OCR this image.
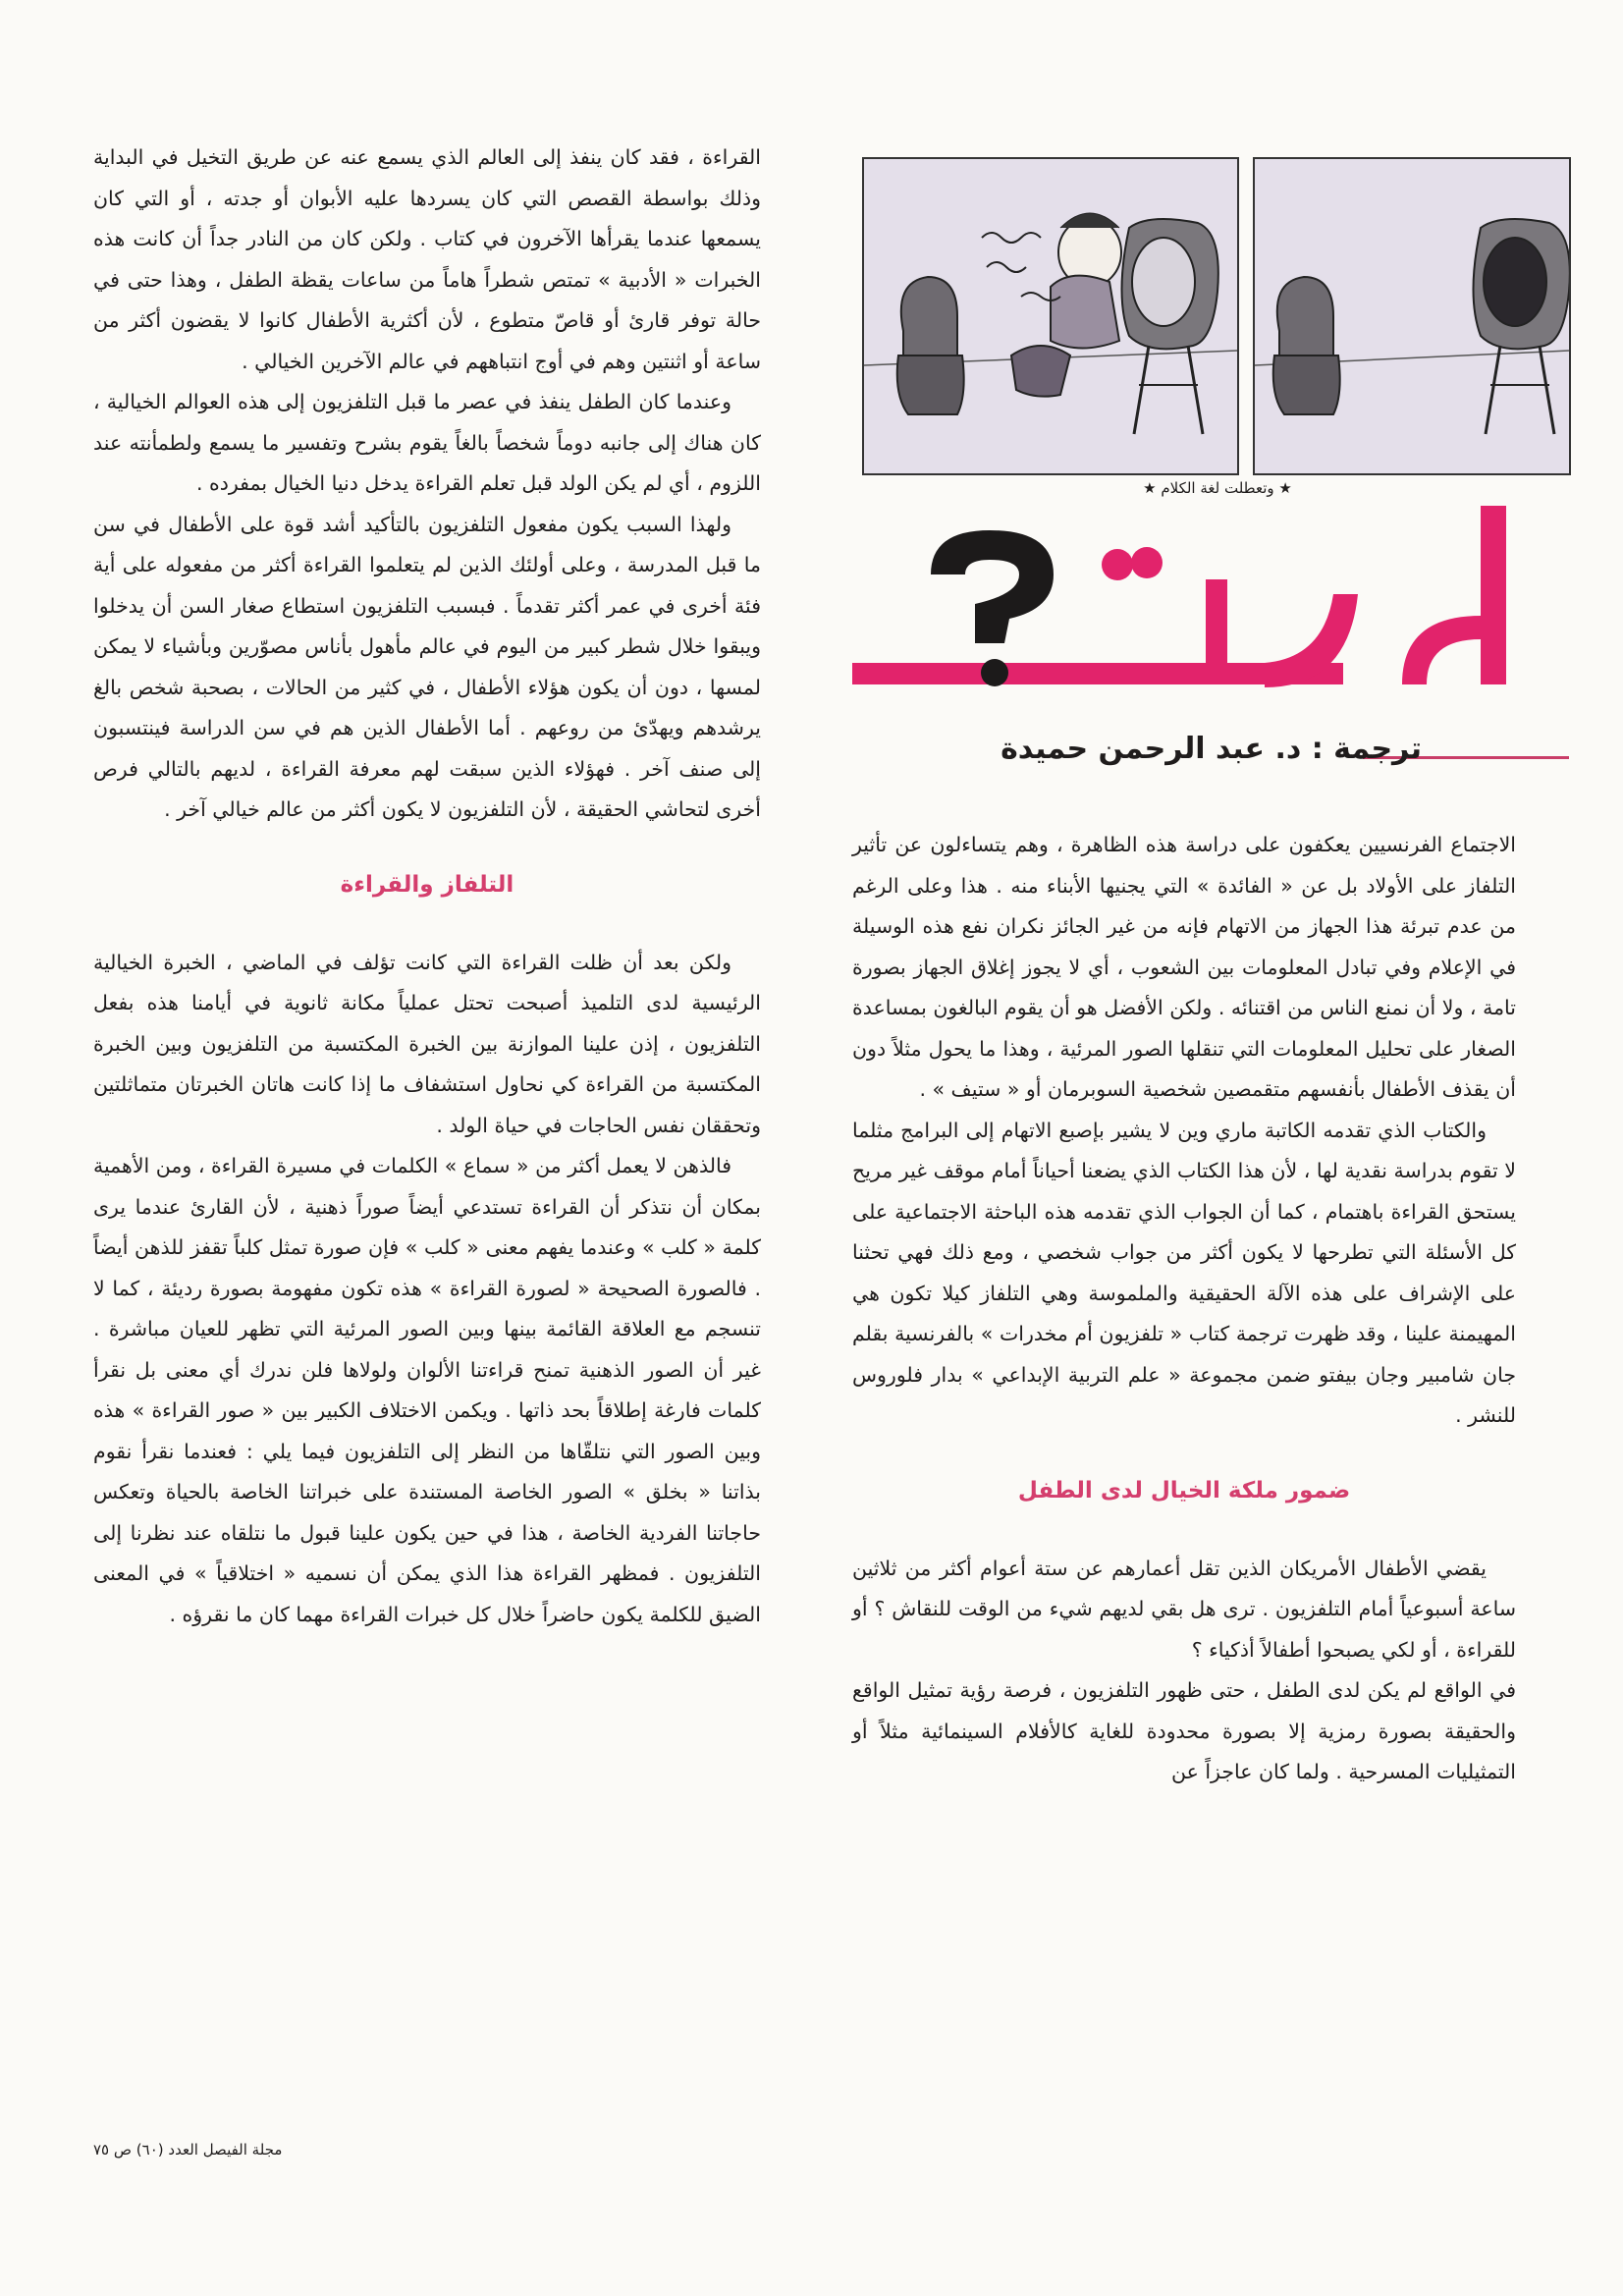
★ وتعطلت لغة الكلام ★
ترجمة : د. عبد الرحمن حميدة

الاجتماع الفرنسيين يعكفون على دراسة هذه الظاهرة ، وهم يتساءلون عن تأثير التلفاز على الأولاد بل عن « الفائدة » التي يجنيها الأبناء منه . هذا وعلى الرغم من عدم تبرئة هذا الجهاز من الاتهام فإنه من غير الجائز نكران نفع هذه الوسيلة في الإعلام وفي تبادل المعلومات بين الشعوب ، أي لا يجوز إغلاق الجهاز بصورة تامة ، ولا أن نمنع الناس من اقتنائه . ولكن الأفضل هو أن يقوم البالغون بمساعدة الصغار على تحليل المعلومات التي تنقلها الصور المرئية ، وهذا ما يحول مثلاً دون أن يقذف الأطفال بأنفسهم متقمصين شخصية السوبرمان أو « ستيف » .

والكتاب الذي تقدمه الكاتبة ماري وين لا يشير بإصبع الاتهام إلى البرامج مثلما لا تقوم بدراسة نقدية لها ، لأن هذا الكتاب الذي يضعنا أحياناً أمام موقف غير مريح يستحق القراءة باهتمام ، كما أن الجواب الذي تقدمه هذه الباحثة الاجتماعية على كل الأسئلة التي تطرحها لا يكون أكثر من جواب شخصي ، ومع ذلك فهي تحثنا على الإشراف على هذه الآلة الحقيقية والملموسة وهي التلفاز كيلا تكون هي المهيمنة علينا ، وقد ظهرت ترجمة كتاب « تلفزيون أم مخدرات » بالفرنسية بقلم جان شامبير وجان بيفتو ضمن مجموعة « علم التربية الإبداعي » بدار فلوروس للنشر .

ضمور ملكة الخيال لدى الطفل

يقضي الأطفال الأمريكان الذين تقل أعمارهم عن ستة أعوام أكثر من ثلاثين ساعة أسبوعياً أمام التلفزيون . ترى هل بقي لديهم شيء من الوقت للنقاش ؟ أو للقراءة ، أو لكي يصبحوا أطفالاً أذكياء ؟

في الواقع لم يكن لدى الطفل ، حتى ظهور التلفزيون ، فرصة رؤية تمثيل الواقع والحقيقة بصورة رمزية إلا بصورة محدودة للغاية كالأفلام السينمائية مثلاً أو التمثيليات المسرحية . ولما كان عاجزاً عن

القراءة ، فقد كان ينفذ إلى العالم الذي يسمع عنه عن طريق التخيل في البداية وذلك بواسطة القصص التي كان يسردها عليه الأبوان أو جدته ، أو التي كان يسمعها عندما يقرأها الآخرون في كتاب . ولكن كان من النادر جداً أن كانت هذه الخبرات « الأدبية » تمتص شطراً هاماً من ساعات يقظة الطفل ، وهذا حتى في حالة توفر قارئ أو قاصّ متطوع ، لأن أكثرية الأطفال كانوا لا يقضون أكثر من ساعة أو اثنتين وهم في أوج انتباههم في عالم الآخرين الخيالي .

وعندما كان الطفل ينفذ في عصر ما قبل التلفزيون إلى هذه العوالم الخيالية ، كان هناك إلى جانبه دوماً شخصاً بالغاً يقوم بشرح وتفسير ما يسمع ولطمأنته عند اللزوم ، أي لم يكن الولد قبل تعلم القراءة يدخل دنيا الخيال بمفرده .

ولهذا السبب يكون مفعول التلفزيون بالتأكيد أشد قوة على الأطفال في سن ما قبل المدرسة ، وعلى أولئك الذين لم يتعلموا القراءة أكثر من مفعوله على أية فئة أخرى في عمر أكثر تقدماً . فبسبب التلفزيون استطاع صغار السن أن يدخلوا ويبقوا خلال شطر كبير من اليوم في عالم مأهول بأناس مصوّرين وبأشياء لا يمكن لمسها ، دون أن يكون هؤلاء الأطفال ، في كثير من الحالات ، بصحبة شخص بالغ يرشدهم ويهدّئ من روعهم . أما الأطفال الذين هم في سن الدراسة فينتسبون إلى صنف آخر . فهؤلاء الذين سبقت لهم معرفة القراءة ، لديهم بالتالي فرص أخرى لتحاشي الحقيقة ، لأن التلفزيون لا يكون أكثر من عالم خيالي آخر .

التلفاز والقراءة

ولكن بعد أن ظلت القراءة التي كانت تؤلف في الماضي ، الخبرة الخيالية الرئيسية لدى التلميذ أصبحت تحتل عملياً مكانة ثانوية في أيامنا هذه بفعل التلفزيون ، إذن علينا الموازنة بين الخبرة المكتسبة من التلفزيون وبين الخبرة المكتسبة من القراءة كي نحاول استشفاف ما إذا كانت هاتان الخبرتان متماثلتين وتحققان نفس الحاجات في حياة الولد .

فالذهن لا يعمل أكثر من « سماع » الكلمات في مسيرة القراءة ، ومن الأهمية بمكان أن نتذكر أن القراءة تستدعي أيضاً صوراً ذهنية ، لأن القارئ عندما يرى كلمة « كلب » وعندما يفهم معنى « كلب » فإن صورة تمثل كلباً تقفز للذهن أيضاً . فالصورة الصحيحة « لصورة القراءة » هذه تكون مفهومة بصورة رديئة ، كما لا تنسجم مع العلاقة القائمة بينها وبين الصور المرئية التي تظهر للعيان مباشرة . غير أن الصور الذهنية تمنح قراءتنا الألوان ولولاها فلن ندرك أي معنى بل نقرأ كلمات فارغة إطلاقاً بحد ذاتها . ويكمن الاختلاف الكبير بين « صور القراءة » هذه وبين الصور التي نتلقّاها من النظر إلى التلفزيون فيما يلي : فعندما نقرأ نقوم بذاتنا « بخلق » الصور الخاصة المستندة على خبراتنا الخاصة بالحياة وتعكس حاجاتنا الفردية الخاصة ، هذا في حين يكون علينا قبول ما نتلقاه عند نظرنا إلى التلفزيون . فمظهر القراءة هذا الذي يمكن أن نسميه « اختلاقياً » في المعنى الضيق للكلمة يكون حاضراً خلال كل خبرات القراءة مهما كان ما نقرؤه .

مجلة الفيصل العدد (٦٠) ص ٧٥
